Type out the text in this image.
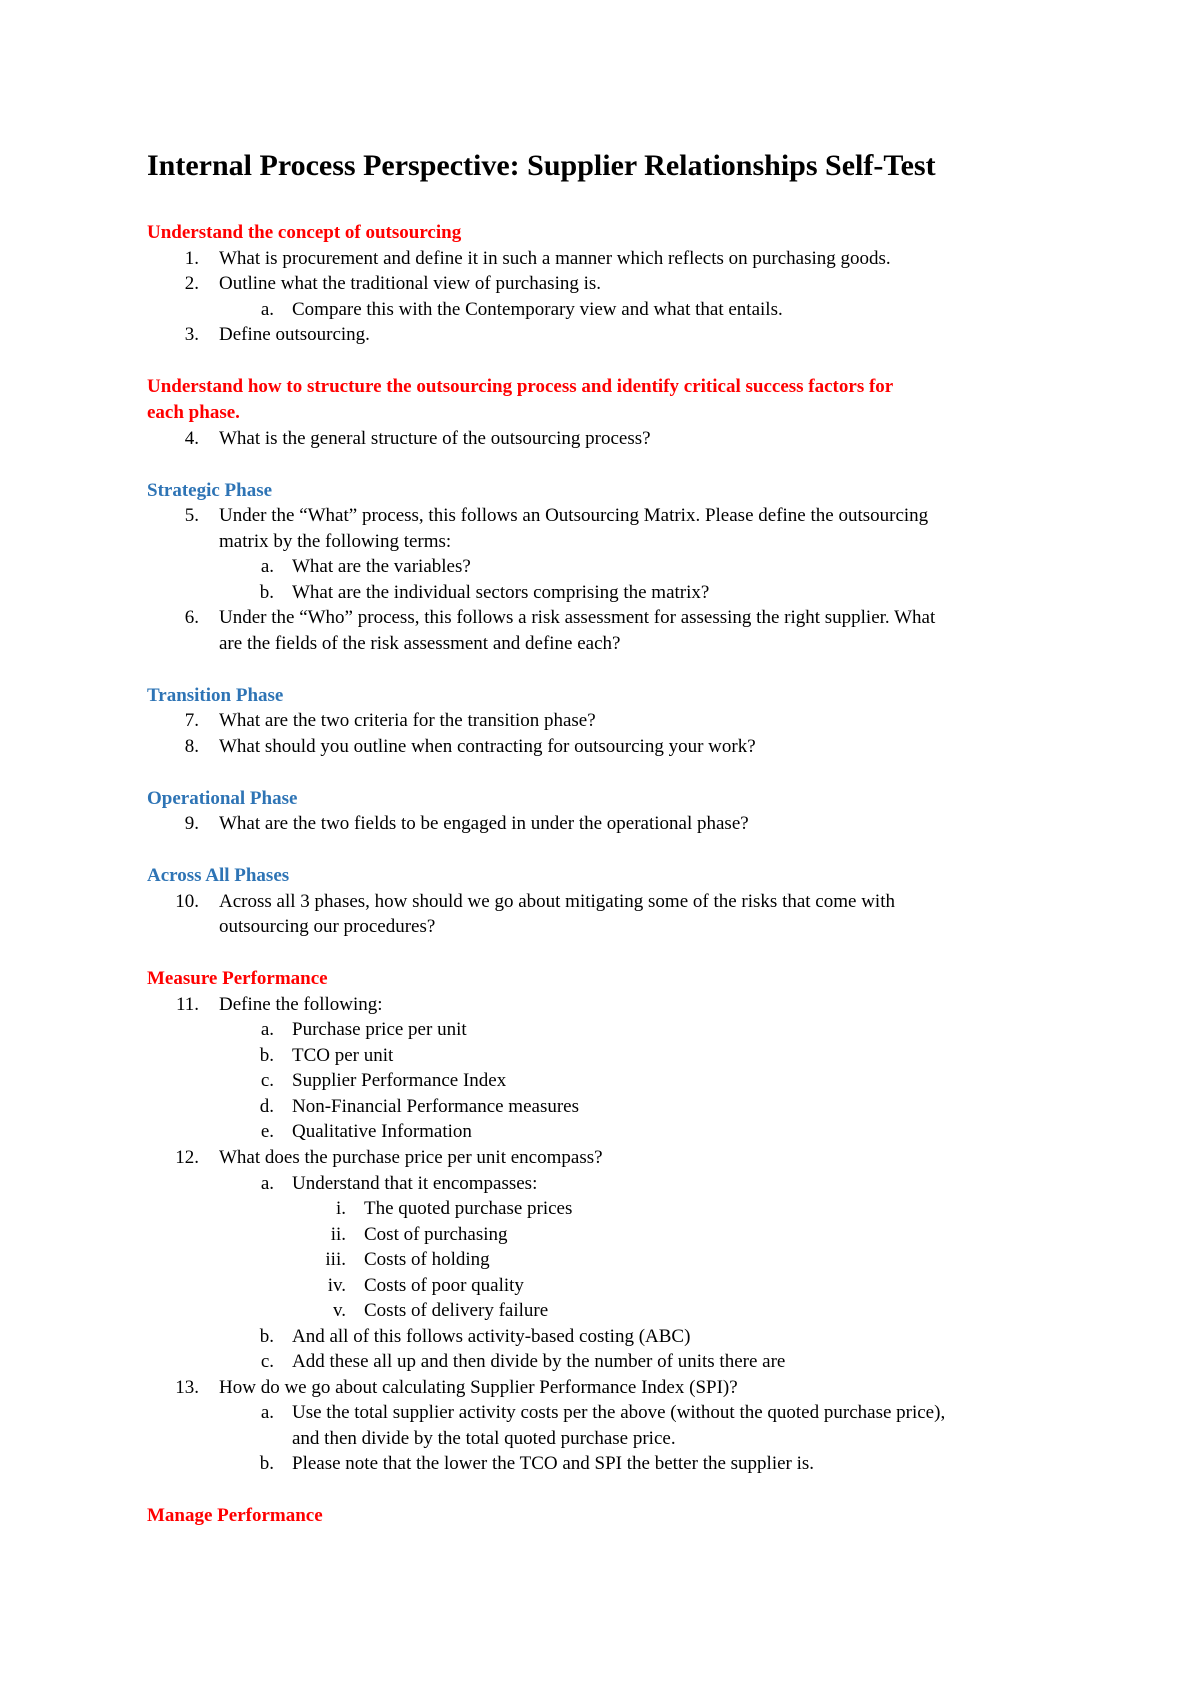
Internal Process Perspective: Supplier Relationships Self-Test
Understand the concept of outsourcing
1. What is procurement and define it in such a manner which reflects on purchasing goods.
2. Outline what the traditional view of purchasing is.
a. Compare this with the Contemporary view and what that entails.
3. Define outsourcing.
Understand how to structure the outsourcing process and identify critical success factors for
each phase.
4. What is the general structure of the outsourcing process?
Strategic Phase
5. Under the “What” process, this follows an Outsourcing Matrix. Please define the outsourcing
matrix by the following terms:
a. What are the variables?
b. What are the individual sectors comprising the matrix?
6. Under the “Who” process, this follows a risk assessment for assessing the right supplier. What
are the fields of the risk assessment and define each?
Transition Phase
7. What are the two criteria for the transition phase?
8. What should you outline when contracting for outsourcing your work?
Operational Phase
9. What are the two fields to be engaged in under the operational phase?
Across All Phases
10. Across all 3 phases, how should we go about mitigating some of the risks that come with
outsourcing our procedures?
Measure Performance
11. Define the following:
a. Purchase price per unit
b. TCO per unit
c. Supplier Performance Index
d. Non-Financial Performance measures
e. Qualitative Information
12. What does the purchase price per unit encompass?
a. Understand that it encompasses:
i. The quoted purchase prices
ii. Cost of purchasing
iii. Costs of holding
iv. Costs of poor quality
v. Costs of delivery failure
b. And all of this follows activity-based costing (ABC)
c. Add these all up and then divide by the number of units there are
13. How do we go about calculating Supplier Performance Index (SPI)?
a. Use the total supplier activity costs per the above (without the quoted purchase price),
and then divide by the total quoted purchase price.
b. Please note that the lower the TCO and SPI the better the supplier is.
Manage Performance
